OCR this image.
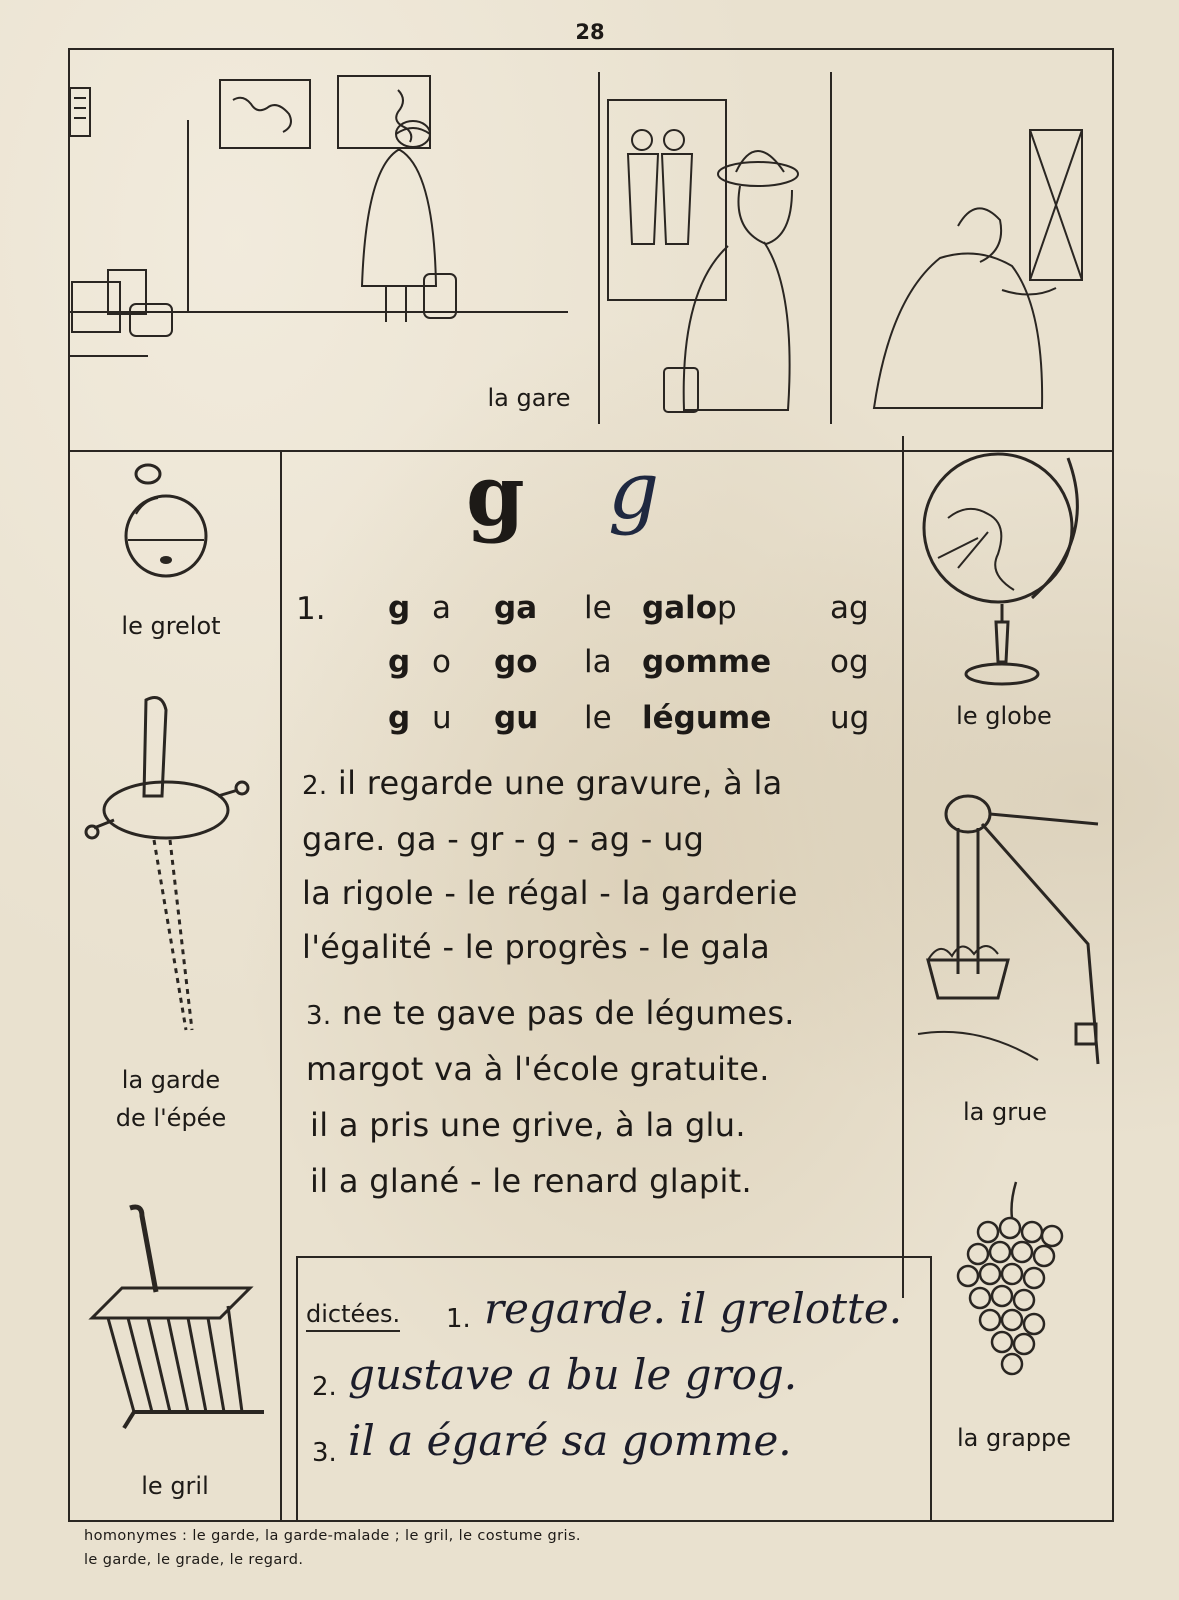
28
la gare
le grelot
la garde
de l'épée
le gril
g g
1. g a ga le galop	ag
g o go la gomme og
g u gu le légume ug
2. il regarde une gravure, à la
gare. ga - gr - g - ag - ug
la rigole - le régal - la garderie
l'égalité - le progrès - le gala
3. ne te gave pas de légumes.
margot va à l'école gratuite.
il a pris une grive, à la glu.
il a glané - le renard glapit.
dictées. 1. regarde. il grelotte.
2. gustave a bu le grog.
3. il a égaré sa gomme.
le globe
la grue
la grappe
homonymes : le garde, la garde-malade ; le gril, le costume gris.
le garde, le grade, le regard.
